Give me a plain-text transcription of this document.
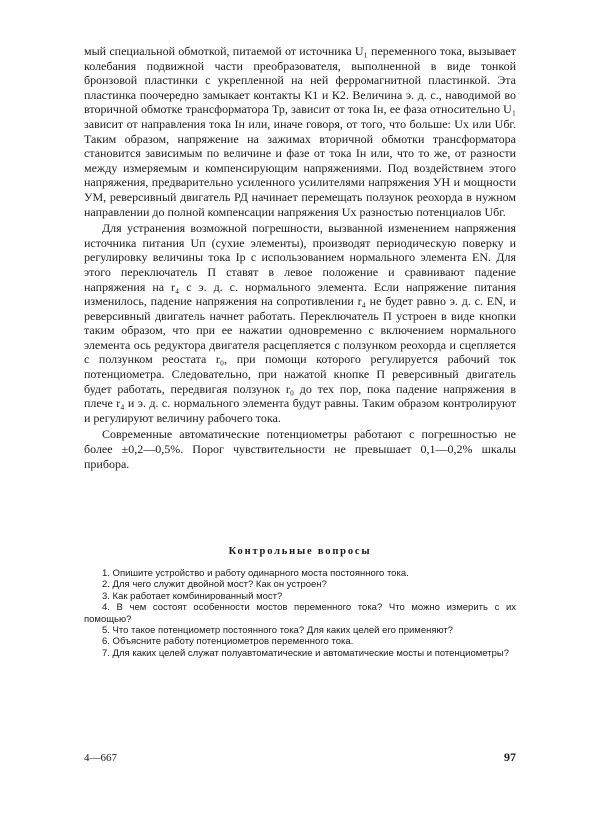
мый специальной обмоткой, питаемой от источника U₁ переменного тока, вызывает колебания подвижной части преобразователя, выполненной в виде тонкой бронзовой пластинки с укрепленной на ней ферромагнитной пластинкой. Эта пластинка поочередно замыкает контакты К1 и К2. Величина э. д. с., наводимой во вторичной обмотке трансформатора Тр, зависит от тока Iн, ее фаза относительно U₁ зависит от направления тока Iн или, иначе говоря, от того, что больше: Uх или Uбг. Таким образом, напряжение на зажимах вторичной обмотки трансформатора становится зависимым по величине и фазе от тока Iн или, что то же, от разности между измеряемым и компенсирующим напряжениями. Под воздействием этого напряжения, предварительно усиленного усилителями напряжения УН и мощности УМ, реверсивный двигатель РД начинает перемещать ползунок реохорда в нужном направлении до полной компенсации напряжения Uх разностью потенциалов Uбг.

Для устранения возможной погрешности, вызванной изменением напряжения источника питания Uп (сухие элементы), производят периодическую поверку и регулировку величины тока Iр с использованием нормального элемента EN. Для этого переключатель П ставят в левое положение и сравнивают падение напряжения на r₄ с э. д. с. нормального элемента. Если напряжение питания изменилось, падение напряжения на сопротивлении r₄ не будет равно э. д. с. EN, и реверсивный двигатель начнет работать. Переключатель П устроен в виде кнопки таким образом, что при ее нажатии одновременно с включением нормального элемента ось редуктора двигателя расцепляется с ползунком реохорда и сцепляется с ползунком реостата r₀, при помощи которого регулируется рабочий ток потенциометра. Следовательно, при нажатой кнопке П реверсивный двигатель будет работать, передвигая ползунок r₀ до тех пор, пока падение напряжения в плече r₄ и э. д. с. нормального элемента будут равны. Таким образом контролируют и регулируют величину рабочего тока.

Современные автоматические потенциометры работают с погрешностью не более ±0,2—0,5%. Порог чувствительности не превышает 0,1—0,2% шкалы прибора.

Контрольные вопросы

1. Опишите устройство и работу одинарного моста постоянного тока.

2. Для чего служит двойной мост? Как он устроен?

3. Как работает комбинированный мост?

4. В чем состоят особенности мостов переменного тока? Что можно измерить с их помощью?

5. Что такое потенциометр постоянного тока? Для каких целей его применяют?

6. Объясните работу потенциометров переменного тока.

7. Для каких целей служат полуавтоматические и автоматические мосты и потенциометры?

4—667	97
